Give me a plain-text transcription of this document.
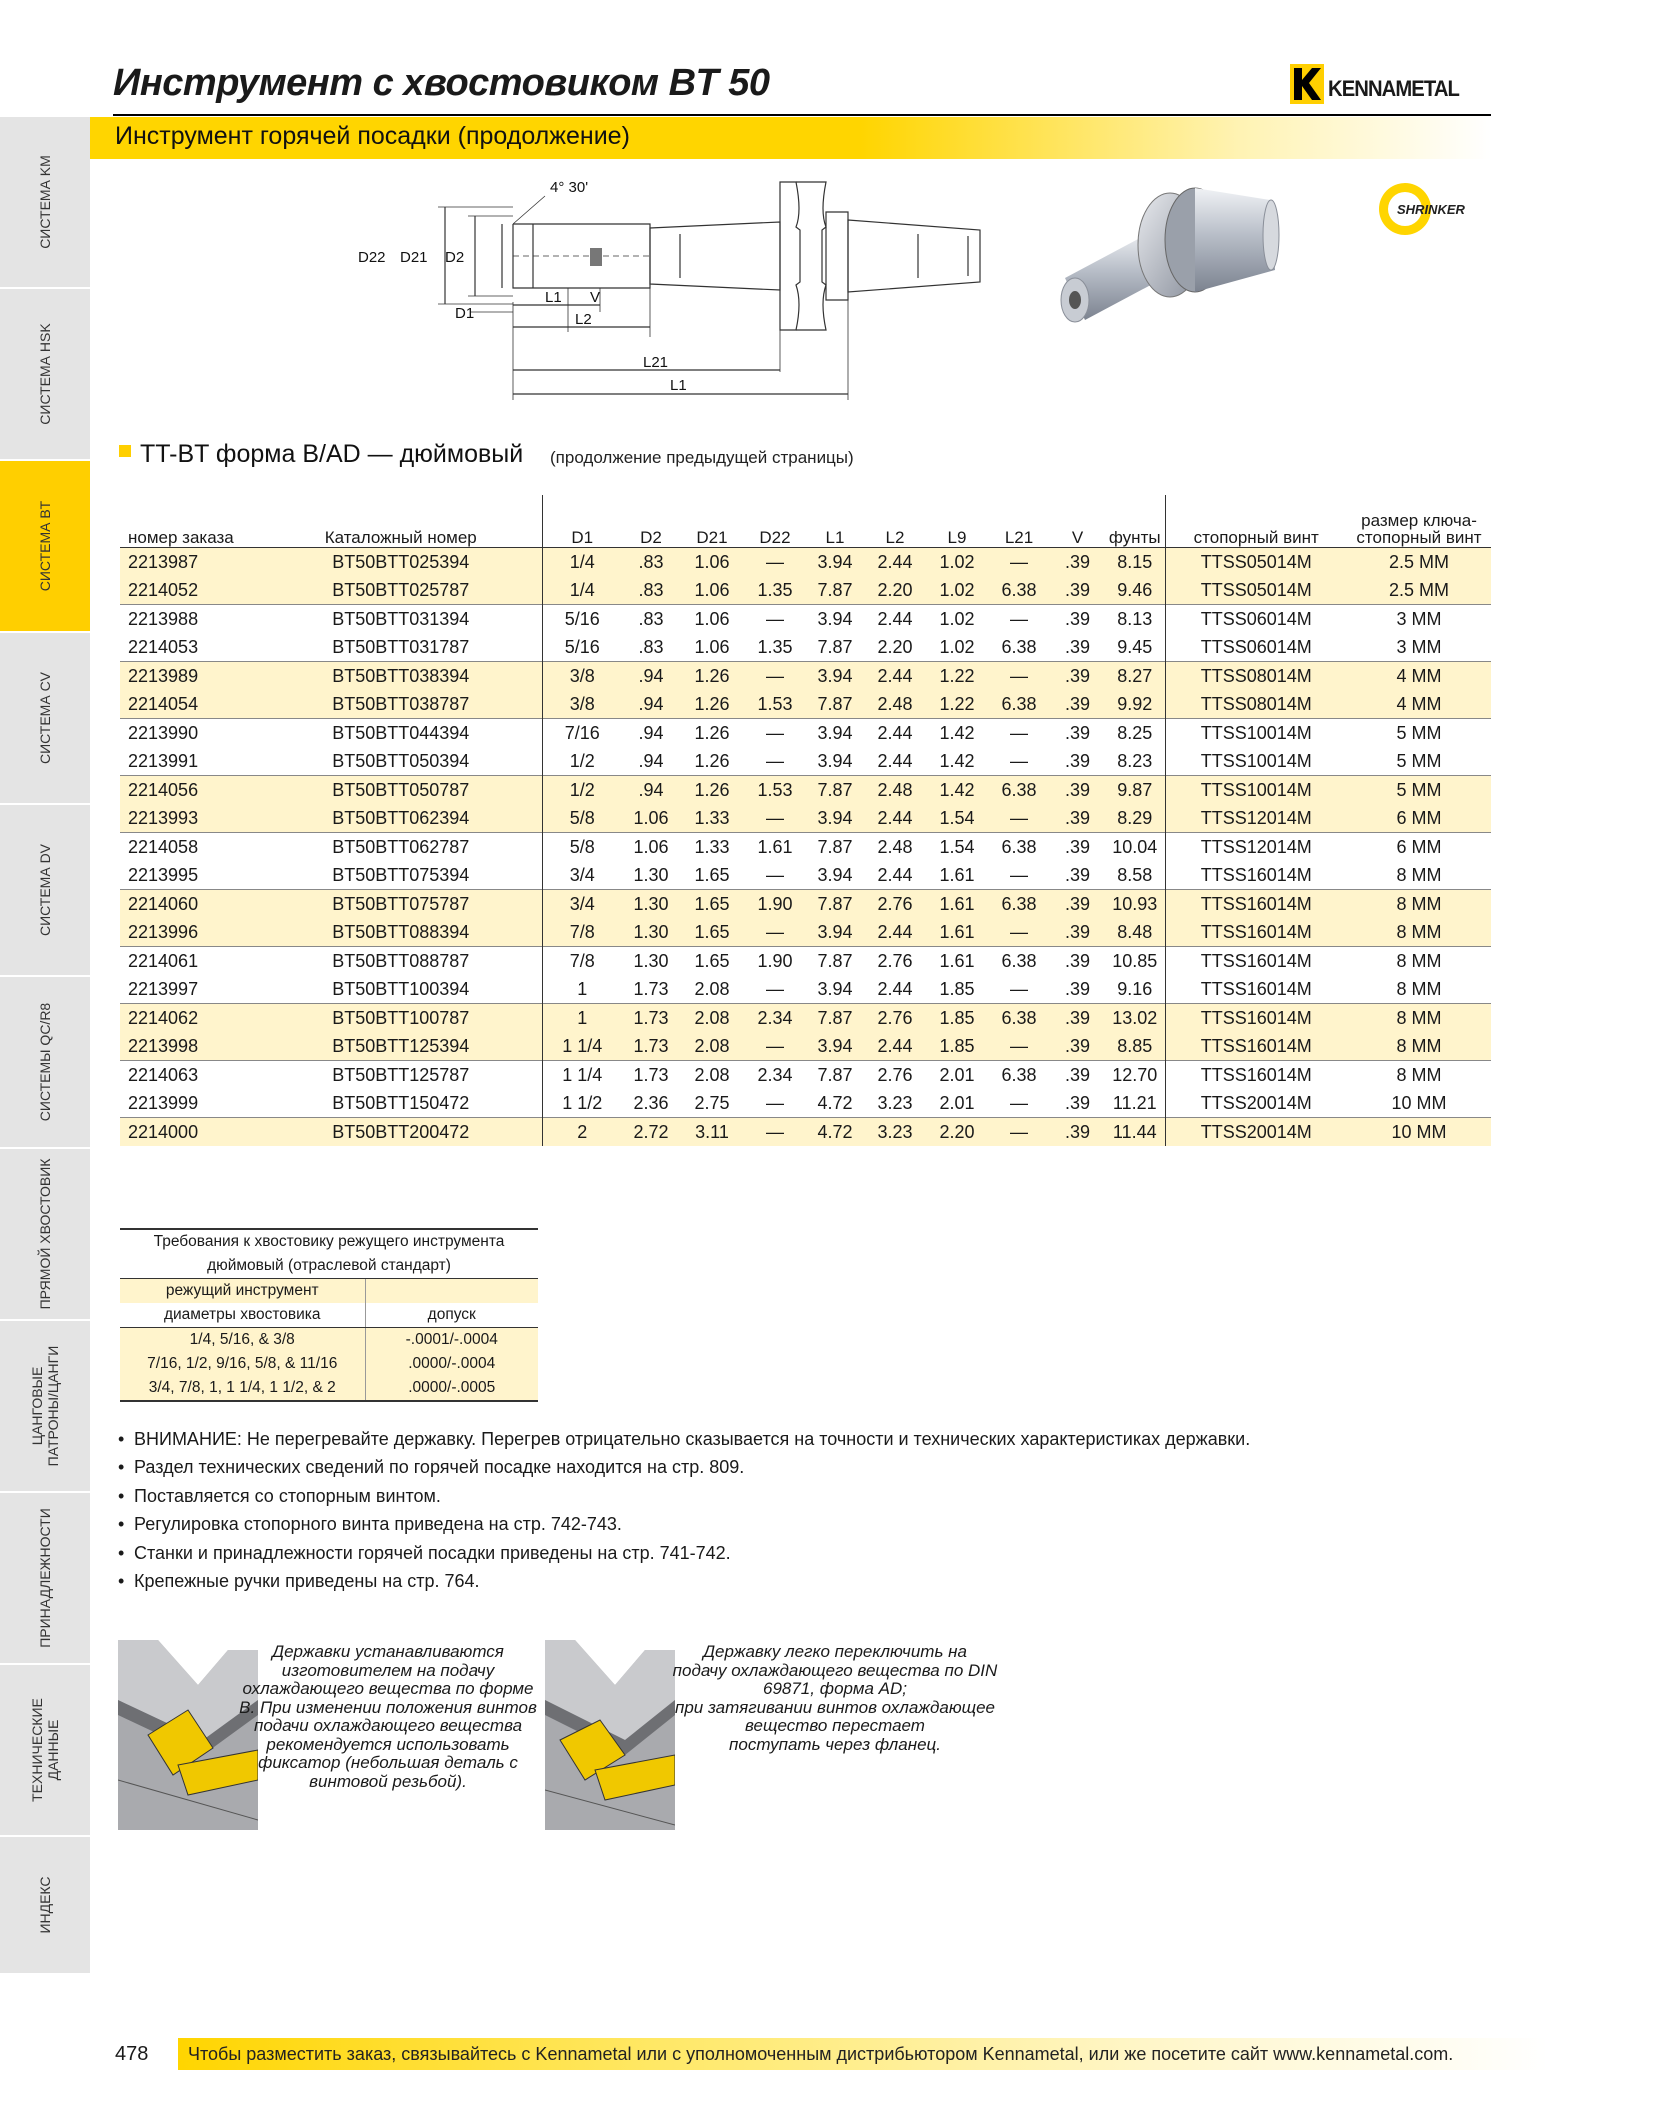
Инструмент с хвостовиком BT 50	KENNAMETAL
Инструмент горячей посадки (продолжение)
СИСТЕМА KM
СИСТЕМА HSK
СИСТЕМА BT
СИСТЕМА CV
СИСТЕМА DV
СИСТЕМЫ QC/R8
ПРЯМОЙ ХВОСТОВИК
ЦАНГОВЫЕ
ПАТРОНЫ/ЦАНГИ
ПРИНАДЛЕЖНОСТИ
ТЕХНИЧЕСКИЕ
ДАННЫЕ
ИНДЕКС
4° 30'
D22 D21 D2
D1
L1 V
L2
L21
L1
SHRINKER
TT-BT форма B/AD — дюймовый (продолжение предыдущей страницы)
номер заказа	Каталожный номер	D1	D2	D21	D22	L1	L2	L9	L21	V	фунты	стопорный винт	размер ключа-
стопорный винт
2213987	BT50BTT025394	1/4	.83	1.06	—	3.94	2.44	1.02	—	.39	8.15	TTSS05014M	2.5 MM
2214052	BT50BTT025787	1/4	.83	1.06	1.35	7.87	2.20	1.02	6.38	.39	9.46	TTSS05014M	2.5 MM
2213988	BT50BTT031394	5/16	.83	1.06	—	3.94	2.44	1.02	—	.39	8.13	TTSS06014M	3 MM
2214053	BT50BTT031787	5/16	.83	1.06	1.35	7.87	2.20	1.02	6.38	.39	9.45	TTSS06014M	3 MM
2213989	BT50BTT038394	3/8	.94	1.26	—	3.94	2.44	1.22	—	.39	8.27	TTSS08014M	4 MM
2214054	BT50BTT038787	3/8	.94	1.26	1.53	7.87	2.48	1.22	6.38	.39	9.92	TTSS08014M	4 MM
2213990	BT50BTT044394	7/16	.94	1.26	—	3.94	2.44	1.42	—	.39	8.25	TTSS10014M	5 MM
2213991	BT50BTT050394	1/2	.94	1.26	—	3.94	2.44	1.42	—	.39	8.23	TTSS10014M	5 MM
2214056	BT50BTT050787	1/2	.94	1.26	1.53	7.87	2.48	1.42	6.38	.39	9.87	TTSS10014M	5 MM
2213993	BT50BTT062394	5/8	1.06	1.33	—	3.94	2.44	1.54	—	.39	8.29	TTSS12014M	6 MM
2214058	BT50BTT062787	5/8	1.06	1.33	1.61	7.87	2.48	1.54	6.38	.39	10.04	TTSS12014M	6 MM
2213995	BT50BTT075394	3/4	1.30	1.65	—	3.94	2.44	1.61	—	.39	8.58	TTSS16014M	8 MM
2214060	BT50BTT075787	3/4	1.30	1.65	1.90	7.87	2.76	1.61	6.38	.39	10.93	TTSS16014M	8 MM
2213996	BT50BTT088394	7/8	1.30	1.65	—	3.94	2.44	1.61	—	.39	8.48	TTSS16014M	8 MM
2214061	BT50BTT088787	7/8	1.30	1.65	1.90	7.87	2.76	1.61	6.38	.39	10.85	TTSS16014M	8 MM
2213997	BT50BTT100394	1	1.73	2.08	—	3.94	2.44	1.85	—	.39	9.16	TTSS16014M	8 MM
2214062	BT50BTT100787	1	1.73	2.08	2.34	7.87	2.76	1.85	6.38	.39	13.02	TTSS16014M	8 MM
2213998	BT50BTT125394	1 1/4	1.73	2.08	—	3.94	2.44	1.85	—	.39	8.85	TTSS16014M	8 MM
2214063	BT50BTT125787	1 1/4	1.73	2.08	2.34	7.87	2.76	2.01	6.38	.39	12.70	TTSS16014M	8 MM
2213999	BT50BTT150472	1 1/2	2.36	2.75	—	4.72	3.23	2.01	—	.39	11.21	TTSS20014M	10 MM
2214000	BT50BTT200472	2	2.72	3.11	—	4.72	3.23	2.20	—	.39	11.44	TTSS20014M	10 MM
Требования к хвостовику режущего инструмента	
дюймовый (отраслевой стандарт)	
режущий инструмент	
диаметры хвостовика	допуск
1/4, 5/16, & 3/8	-.0001/-.0004
7/16, 1/2, 9/16, 5/8, & 11/16	.0000/-.0004
3/4, 7/8, 1, 1 1/4, 1 1/2, & 2	.0000/-.0005
• ВНИМАНИЕ: Не перегревайте державку. Перегрев отрицательно сказывается на точности и технических характеристиках державки.
• Раздел технических сведений по горячей посадке находится на стр. 809.
• Поставляется со стопорным винтом.
• Регулировка стопорного винта приведена на стр. 742-743.
• Станки и принадлежности горячей посадки приведены на стр. 741-742.
• Крепежные ручки приведены на стр. 764.
Державки устанавливаются
изготовителем на подачу
охлаждающего вещества по форме
B. При изменении положения винтов
подачи охлаждающего вещества
рекомендуется использовать
фиксатор (небольшая деталь с
винтовой резьбой).
Державку легко переключить на
подачу охлаждающего вещества по DIN
69871, форма AD;
при затягивании винтов охлаждающее
вещество перестает
поступать через фланец.
478 Чтобы разместить заказ, связывайтесь с Kennametal или с уполномоченным дистрибьютором Kennametal, или же посетите сайт www.kennametal.com.
